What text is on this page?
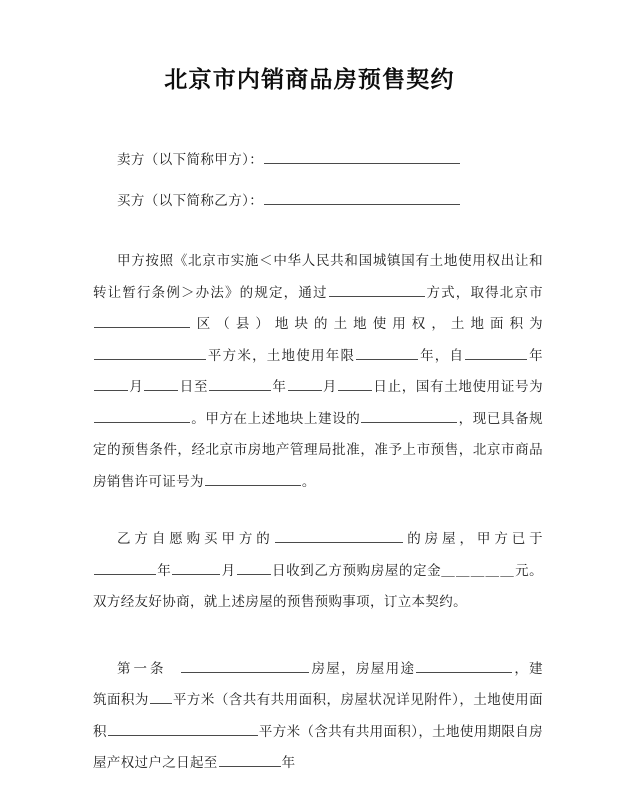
北京市内销商品房预售契约
卖方（以下简称甲方）：
买方（以下简称乙方）：

甲方按照《北京市实施＜中华人民共和国城镇国有土地使用权出让和转让暂行条例＞办法》的规定，通过	方式，取得北京市区（县）地块的土地使用权，土地面积为平方米，土地使用年限	年，自	年月	日至	年	月	日止，国有土地使用证号为。甲方在上述地块上建设的	，现已具备规定的预售条件，经北京市房地产管理局批准，准予上市预售，北京市商品房销售许可证号为	。

乙方自愿购买甲方的	的房屋，甲方已于年	月	日收到乙方预购房屋的定金＿＿＿＿＿元。双方经友好协商，就上述房屋的预售预购事项，订立本契约。

第一条	房屋，房屋用途	，建筑面积为 平方米（含共有共用面积，房屋状况详见附件），土地使用面积	平方米（含共有共用面积），土地使用期限自房屋产权过户之日起至	年
